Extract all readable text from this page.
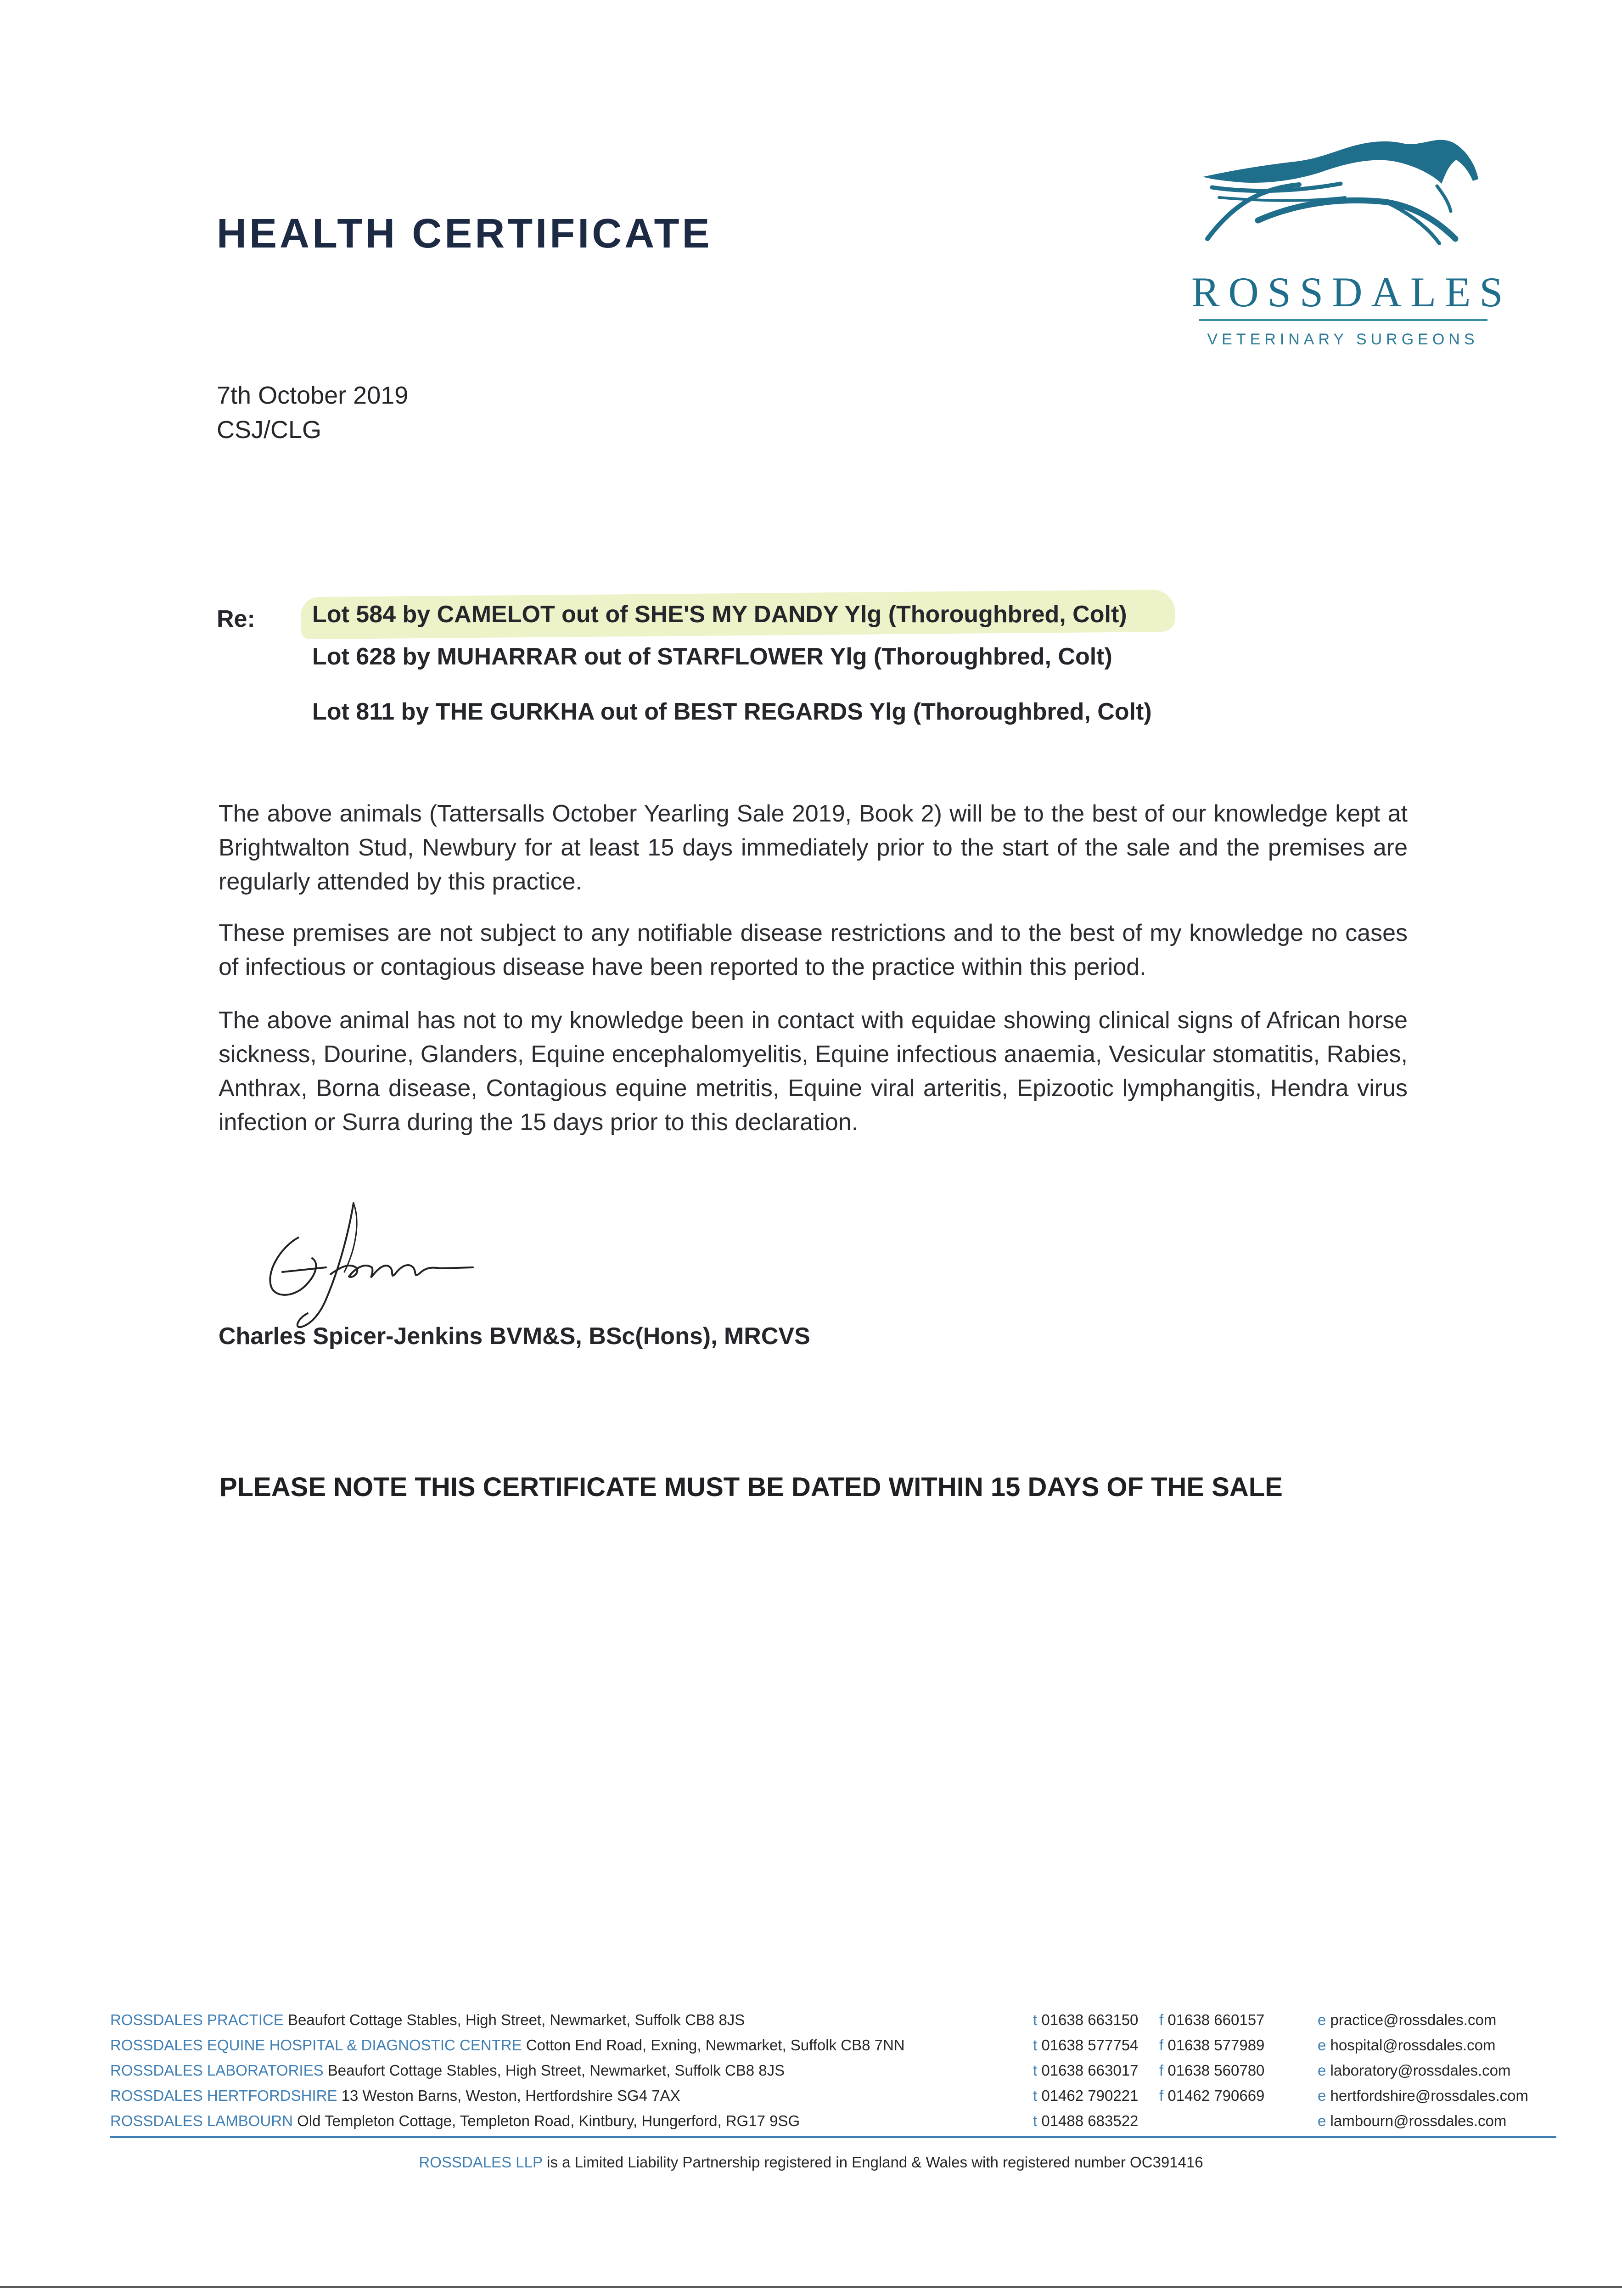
HEALTH CERTIFICATE
ROSSDALES
VETERINARY SURGEONS
7th October 2019
CSJ/CLG
Re: Lot 584 by CAMELOT out of SHE'S MY DANDY Ylg (Thoroughbred, Colt)
Lot 628 by MUHARRAR out of STARFLOWER Ylg (Thoroughbred, Colt)
Lot 811 by THE GURKHA out of BEST REGARDS Ylg (Thoroughbred, Colt)
The above animals (Tattersalls October Yearling Sale 2019, Book 2) will be to the best of our knowledge kept at Brightwalton Stud, Newbury for at least 15 days immediately prior to the start of the sale and the premises are regularly attended by this practice.
These premises are not subject to any notifiable disease restrictions and to the best of my knowledge no cases of infectious or contagious disease have been reported to the practice within this period.
The above animal has not to my knowledge been in contact with equidae showing clinical signs of African horse sickness, Dourine, Glanders, Equine encephalomyelitis, Equine infectious anaemia, Vesicular stomatitis, Rabies, Anthrax, Borna disease, Contagious equine metritis, Equine viral arteritis, Epizootic lymphangitis, Hendra virus infection or Surra during the 15 days prior to this declaration.
Charles Spicer-Jenkins BVM&S, BSc(Hons), MRCVS
PLEASE NOTE THIS CERTIFICATE MUST BE DATED WITHIN 15 DAYS OF THE SALE
ROSSDALES PRACTICE Beaufort Cottage Stables, High Street, Newmarket, Suffolk CB8 8JS	t 01638 663150 f 01638 660157	e practice@rossdales.com
ROSSDALES EQUINE HOSPITAL & DIAGNOSTIC CENTRE Cotton End Road, Exning, Newmarket, Suffolk CB8 7NN	t 01638 577754 f 01638 577989	e hospital@rossdales.com
ROSSDALES LABORATORIES Beaufort Cottage Stables, High Street, Newmarket, Suffolk CB8 8JS	t 01638 663017 f 01638 560780	e laboratory@rossdales.com
ROSSDALES HERTFORDSHIRE 13 Weston Barns, Weston, Hertfordshire SG4 7AX	t 01462 790221 f 01462 790669	e hertfordshire@rossdales.com
ROSSDALES LAMBOURN Old Templeton Cottage, Templeton Road, Kintbury, Hungerford, RG17 9SG	t 01488 683522	e lambourn@rossdales.com
ROSSDALES LLP is a Limited Liability Partnership registered in England & Wales with registered number OC391416
